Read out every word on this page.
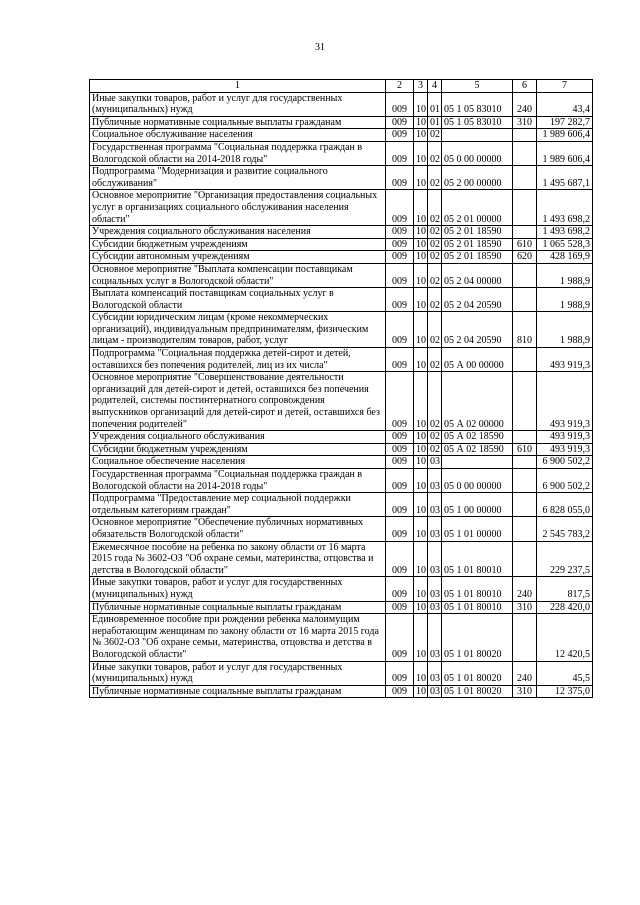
31
1	2	3	4	5	6	7
Иные закупки товаров, работ и услуг для государственных (муниципальных) нужд	009	10	01	05 1 05 83010	240	43,4
Публичные нормативные социальные выплаты гражданам	009	10	01	05 1 05 83010	310	197 282,7
Социальное обслуживание населения	009	10	02			1 989 606,4
Государственная программа "Социальная поддержка граждан в Вологодской области на 2014-2018 годы"	009	10	02	05 0 00 00000		1 989 606,4
Подпрограмма "Модернизация и развитие социального обслуживания"	009	10	02	05 2 00 00000		1 495 687,1
Основное мероприятие "Организация предоставления социальных услуг в организациях социального обслуживания населения области"	009	10	02	05 2 01 00000		1 493 698,2
Учреждения социального обслуживания населения	009	10	02	05 2 01 18590		1 493 698,2
Субсидии бюджетным учреждениям	009	10	02	05 2 01 18590	610	1 065 528,3
Субсидии автономным учреждениям	009	10	02	05 2 01 18590	620	428 169,9
Основное мероприятие "Выплата компенсации поставщикам социальных услуг в Вологодской области"	009	10	02	05 2 04 00000		1 988,9
Выплата компенсаций поставщикам социальных услуг в Вологодской области	009	10	02	05 2 04 20590		1 988,9
Субсидии юридическим лицам (кроме некоммерческих организаций), индивидуальным предпринимателям, физическим лицам - производителям товаров, работ, услуг	009	10	02	05 2 04 20590	810	1 988,9
Подпрограмма "Социальная поддержка детей-сирот и детей, оставшихся без попечения родителей, лиц из их числа"	009	10	02	05 А 00 00000		493 919,3
Основное мероприятие "Совершенствование деятельности организаций для детей-сирот и детей, оставшихся без попечения родителей, системы постинтернатного сопровождения выпускников организаций для детей-сирот и детей, оставшихся без попечения родителей"	009	10	02	05 А 02 00000		493 919,3
Учреждения социального обслуживания	009	10	02	05 А 02 18590		493 919,3
Субсидии бюджетным учреждениям	009	10	02	05 А 02 18590	610	493 919,3
Социальное обеспечение населения	009	10	03			6 900 502,2
Государственная программа "Социальная поддержка граждан в Вологодской области на 2014-2018 годы"	009	10	03	05 0 00 00000		6 900 502,2
Подпрограмма "Предоставление мер социальной поддержки отдельным категориям граждан"	009	10	03	05 1 00 00000		6 828 055,0
Основное мероприятие "Обеспечение публичных нормативных обязательств Вологодской области"	009	10	03	05 1 01 00000		2 545 783,2
Ежемесячное пособие на ребенка по закону области от 16 марта 2015 года № 3602-ОЗ "Об охране семьи, материнства, отцовства и детства в Вологодской области"	009	10	03	05 1 01 80010		229 237,5
Иные закупки товаров, работ и услуг для государственных (муниципальных) нужд	009	10	03	05 1 01 80010	240	817,5
Публичные нормативные социальные выплаты гражданам	009	10	03	05 1 01 80010	310	228 420,0
Единовременное пособие при рождении ребенка малоимущим неработающим женщинам по закону области от 16 марта 2015 года № 3602-ОЗ "Об охране семьи, материнства, отцовства и детства в Вологодской области"	009	10	03	05 1 01 80020		12 420,5
Иные закупки товаров, работ и услуг для государственных (муниципальных) нужд	009	10	03	05 1 01 80020	240	45,5
Публичные нормативные социальные выплаты гражданам	009	10	03	05 1 01 80020	310	12 375,0
